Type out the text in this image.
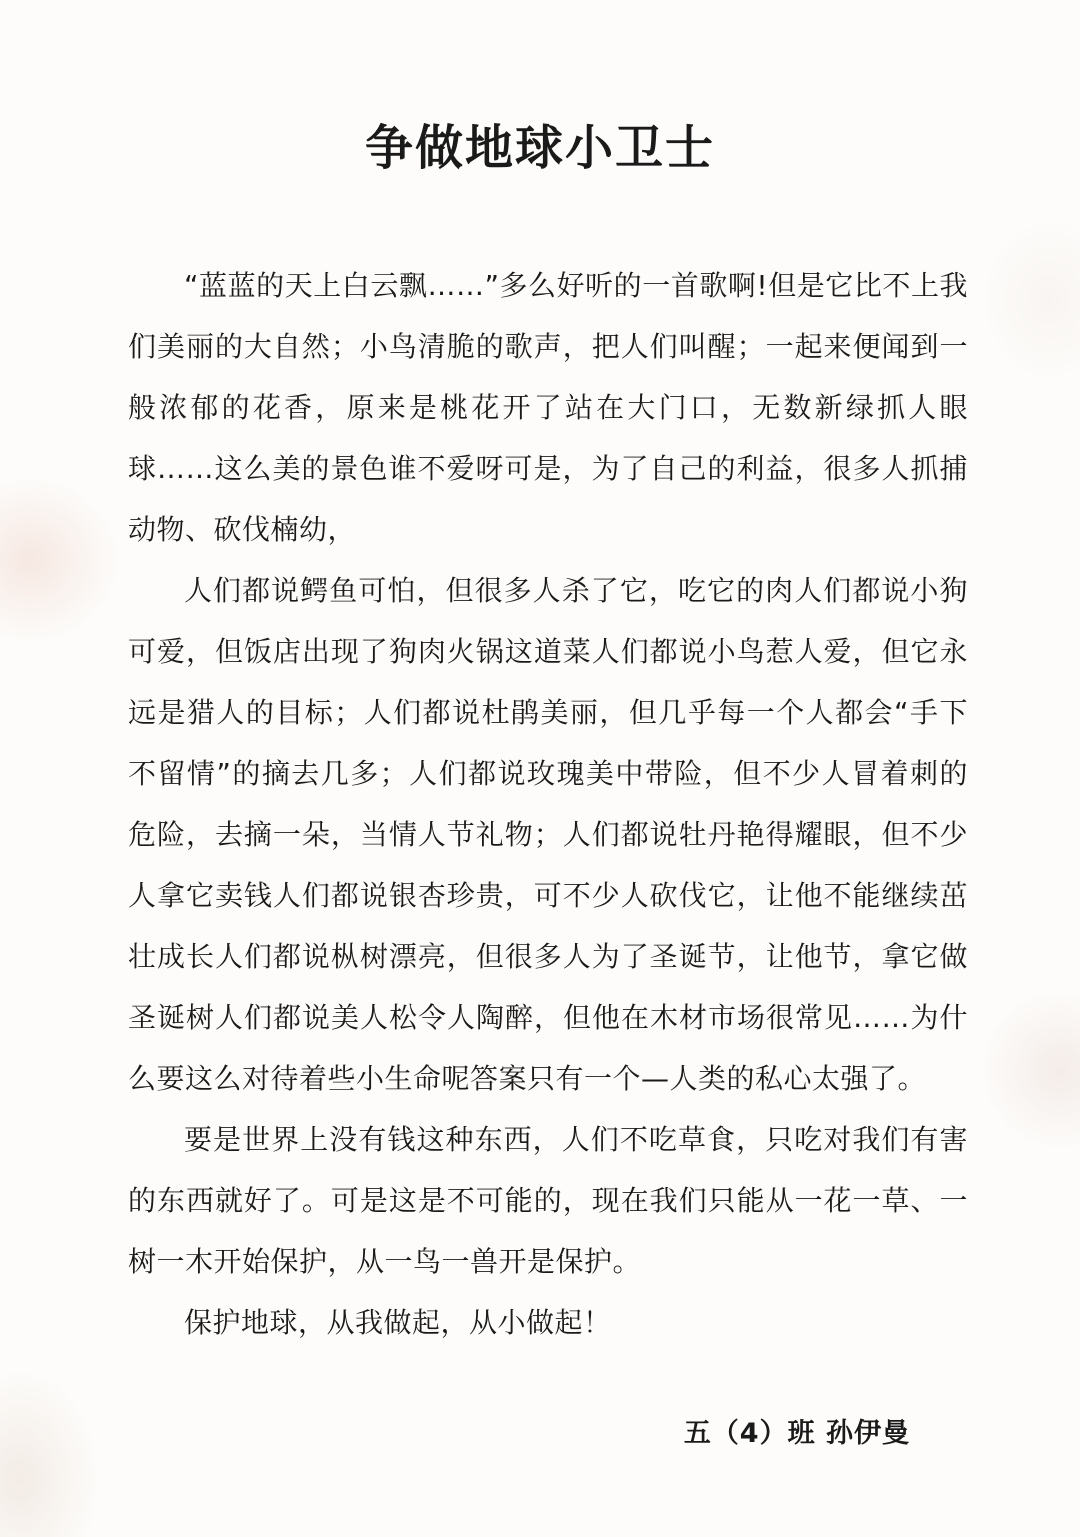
争做地球小卫士

“蓝蓝的天上白云飘……”多么好听的一首歌啊!但是它比不上我们美丽的大自然；小鸟清脆的歌声，把人们叫醒；一起来便闻到一般浓郁的花香，原来是桃花开了站在大门口，无数新绿抓人眼球……这么美的景色谁不爱呀可是，为了自己的利益，很多人抓捕动物、砍伐楠幼，

人们都说鳄鱼可怕，但很多人杀了它，吃它的肉人们都说小狗可爱，但饭店出现了狗肉火锅这道菜人们都说小鸟惹人爱，但它永远是猎人的目标；人们都说杜鹃美丽，但几乎每一个人都会“手下不留情”的摘去几多；人们都说玫瑰美中带险，但不少人冒着刺的危险，去摘一朵，当情人节礼物；人们都说牡丹艳得耀眼，但不少人拿它卖钱人们都说银杏珍贵，可不少人砍伐它，让他不能继续茁壮成长人们都说枞树漂亮，但很多人为了圣诞节，让他节，拿它做圣诞树人们都说美人松令人陶醉，但他在木材市场很常见……为什么要这么对待着些小生命呢答案只有一个—人类的私心太强了。

要是世界上没有钱这种东西，人们不吃草食，只吃对我们有害的东西就好了。可是这是不可能的，现在我们只能从一花一草、一树一木开始保护，从一鸟一兽开是保护。

保护地球，从我做起，从小做起！

五（4）班 孙伊曼
